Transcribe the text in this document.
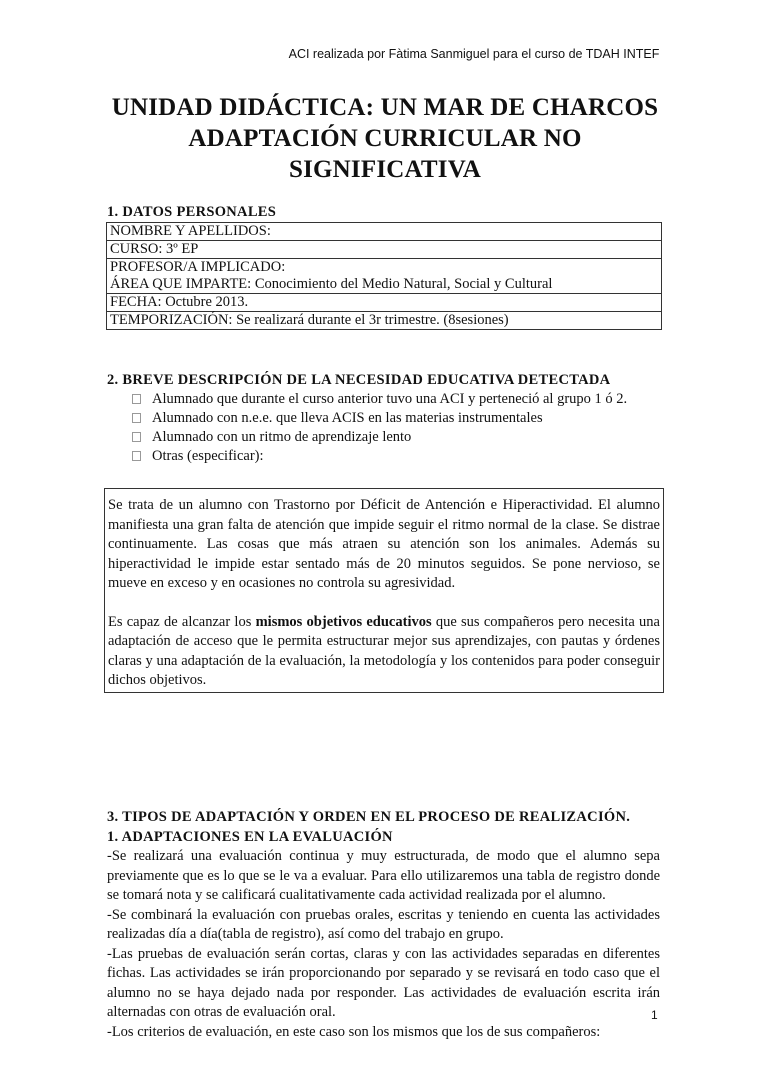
ACI realizada por Fàtima Sanmiguel para el curso de TDAH INTEF
UNIDAD DIDÁCTICA: UN MAR DE CHARCOS
ADAPTACIÓN CURRICULAR NO
SIGNIFICATIVA
1. DATOS PERSONALES
NOMBRE Y APELLIDOS:
CURSO: 3º EP
PROFESOR/A IMPLICADO:
ÁREA QUE IMPARTE: Conocimiento del Medio Natural, Social y Cultural
FECHA: Octubre 2013.
TEMPORIZACIÓN: Se realizará durante el 3r trimestre. (8sesiones)
2. BREVE DESCRIPCIÓN DE LA NECESIDAD EDUCATIVA DETECTADA
Alumnado que durante el curso anterior tuvo una ACI y perteneció al grupo 1 ó 2.
Alumnado con n.e.e. que lleva ACIS en las materias instrumentales
Alumnado con un ritmo de aprendizaje lento
Otras (especificar):

Se trata de un alumno con Trastorno por Déficit de Antención e Hiperactividad. El alumno manifiesta una gran falta de atención que impide seguir el ritmo normal de la clase. Se distrae continuamente. Las cosas que más atraen su atención son los animales. Además su hiperactividad le impide estar sentado más de 20 minutos seguidos. Se pone nervioso, se mueve en exceso y en ocasiones no controla su agresividad.

Es capaz de alcanzar los mismos objetivos educativos que sus compañeros pero necesita una adaptación de acceso que le permita estructurar mejor sus aprendizajes, con pautas y órdenes claras y una adaptación de la evaluación, la metodología y los contenidos para poder conseguir dichos objetivos.

3. TIPOS DE ADAPTACIÓN Y ORDEN EN EL PROCESO DE REALIZACIÓN.
1. ADAPTACIONES EN LA EVALUACIÓN

-Se realizará una evaluación continua y muy estructurada, de modo que el alumno sepa previamente que es lo que se le va a evaluar. Para ello utilizaremos una tabla de registro donde se tomará nota y se calificará cualitativamente cada actividad realizada por el alumno.

-Se combinará la evaluación con pruebas orales, escritas y teniendo en cuenta las actividades realizadas día a día(tabla de registro), así como del trabajo en grupo.

-Las pruebas de evaluación serán cortas, claras y con las actividades separadas en diferentes fichas. Las actividades se irán proporcionando por separado y se revisará en todo caso que el alumno no se haya dejado nada por responder. Las actividades de evaluación escrita irán alternadas con otras de evaluación oral.

-Los criterios de evaluación, en este caso son los mismos que los de sus compañeros:

1
